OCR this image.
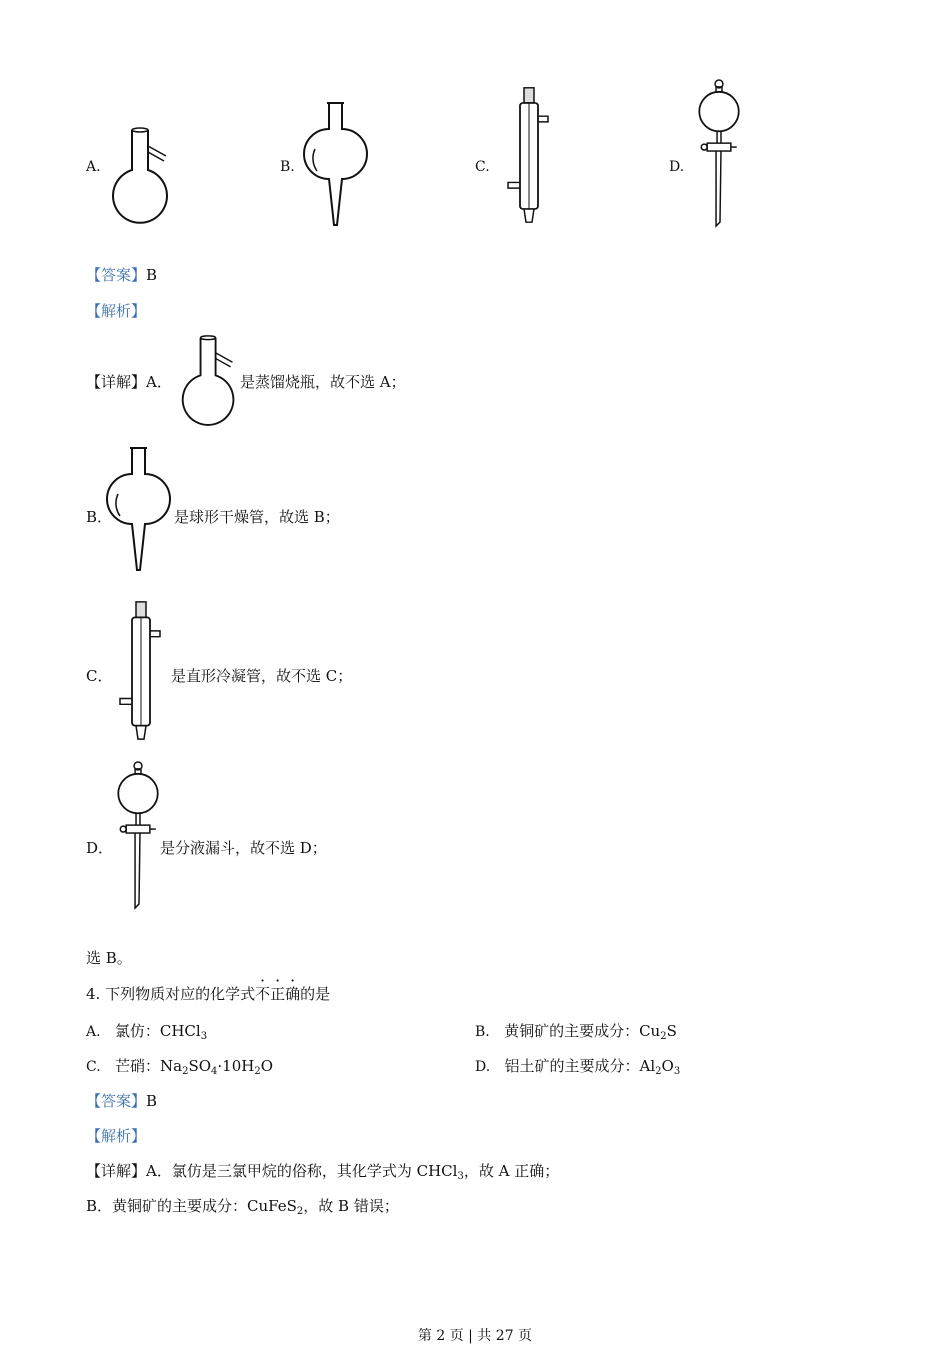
A.	B.	C.	D.
【答案】B
【解析】
【详解】A．	是蒸馏烧瓶，故不选 A；
B．	是球形干燥管，故选 B；
C．	是直形冷凝管，故不选 C；
D．	是分液漏斗，故不选 D；
选 B。
4. 下列物质对应的化学式不正确的是
A. 氯仿：CHCl$_3$	B. 黄铜矿的主要成分：$Cu_2S$
C. 芒硝：$Na_2SO_4\cdot 10H_2O$	D. 铝土矿的主要成分：$Al_2O_3$
【答案】B
【解析】
【详解】A．氯仿是三氯甲烷的俗称，其化学式为 CHCl$_3$，故 A 正确；
B．黄铜矿的主要成分：CuFeS$_2$，故 B 错误；
第 2 页 | 共 27 页
